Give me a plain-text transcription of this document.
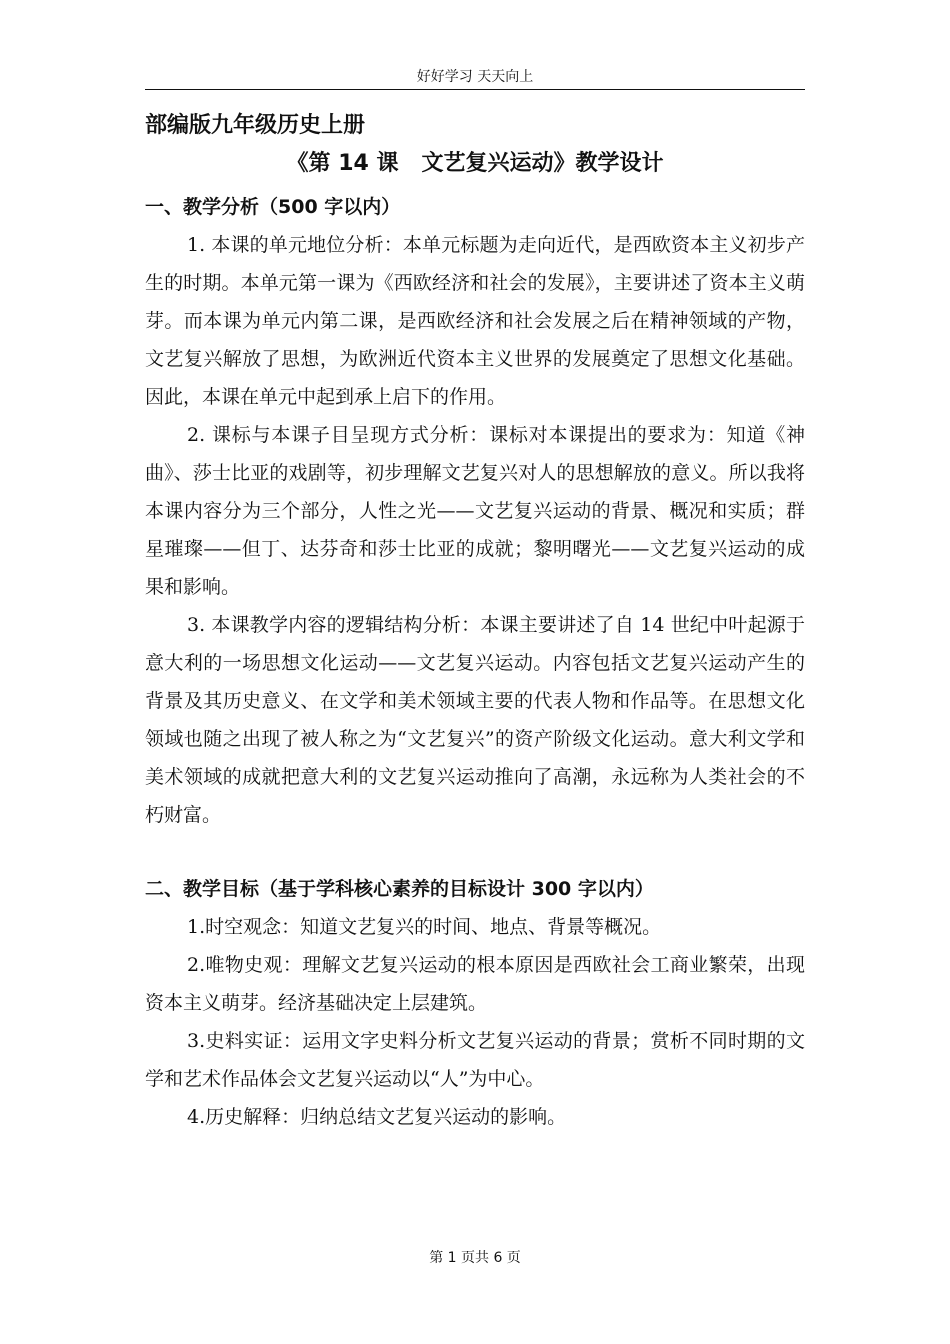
好好学习 天天向上
部编版九年级历史上册
《第 14 课   文艺复兴运动》教学设计
一、教学分析（500 字以内）

1. 本课的单元地位分析：本单元标题为走向近代，是西欧资本主义初步产生的时期。本单元第一课为《西欧经济和社会的发展》，主要讲述了资本主义萌芽。而本课为单元内第二课，是西欧经济和社会发展之后在精神领域的产物，文艺复兴解放了思想，为欧洲近代资本主义世界的发展奠定了思想文化基础。因此，本课在单元中起到承上启下的作用。

2. 课标与本课子目呈现方式分析：课标对本课提出的要求为：知道《神曲》、莎士比亚的戏剧等，初步理解文艺复兴对人的思想解放的意义。所以我将本课内容分为三个部分，人性之光——文艺复兴运动的背景、概况和实质；群星璀璨——但丁、达芬奇和莎士比亚的成就；黎明曙光——文艺复兴运动的成果和影响。

3. 本课教学内容的逻辑结构分析：本课主要讲述了自 14 世纪中叶起源于意大利的一场思想文化运动——文艺复兴运动。内容包括文艺复兴运动产生的背景及其历史意义、在文学和美术领域主要的代表人物和作品等。在思想文化领域也随之出现了被人称之为“文艺复兴”的资产阶级文化运动。意大利文学和美术领域的成就把意大利的文艺复兴运动推向了高潮，永远称为人类社会的不朽财富。

二、教学目标（基于学科核心素养的目标设计 300 字以内）

1.时空观念：知道文艺复兴的时间、地点、背景等概况。

2.唯物史观：理解文艺复兴运动的根本原因是西欧社会工商业繁荣，出现资本主义萌芽。经济基础决定上层建筑。

3.史料实证：运用文字史料分析文艺复兴运动的背景；赏析不同时期的文学和艺术作品体会文艺复兴运动以“人”为中心。

4.历史解释：归纳总结文艺复兴运动的影响。

第 1 页共 6 页
